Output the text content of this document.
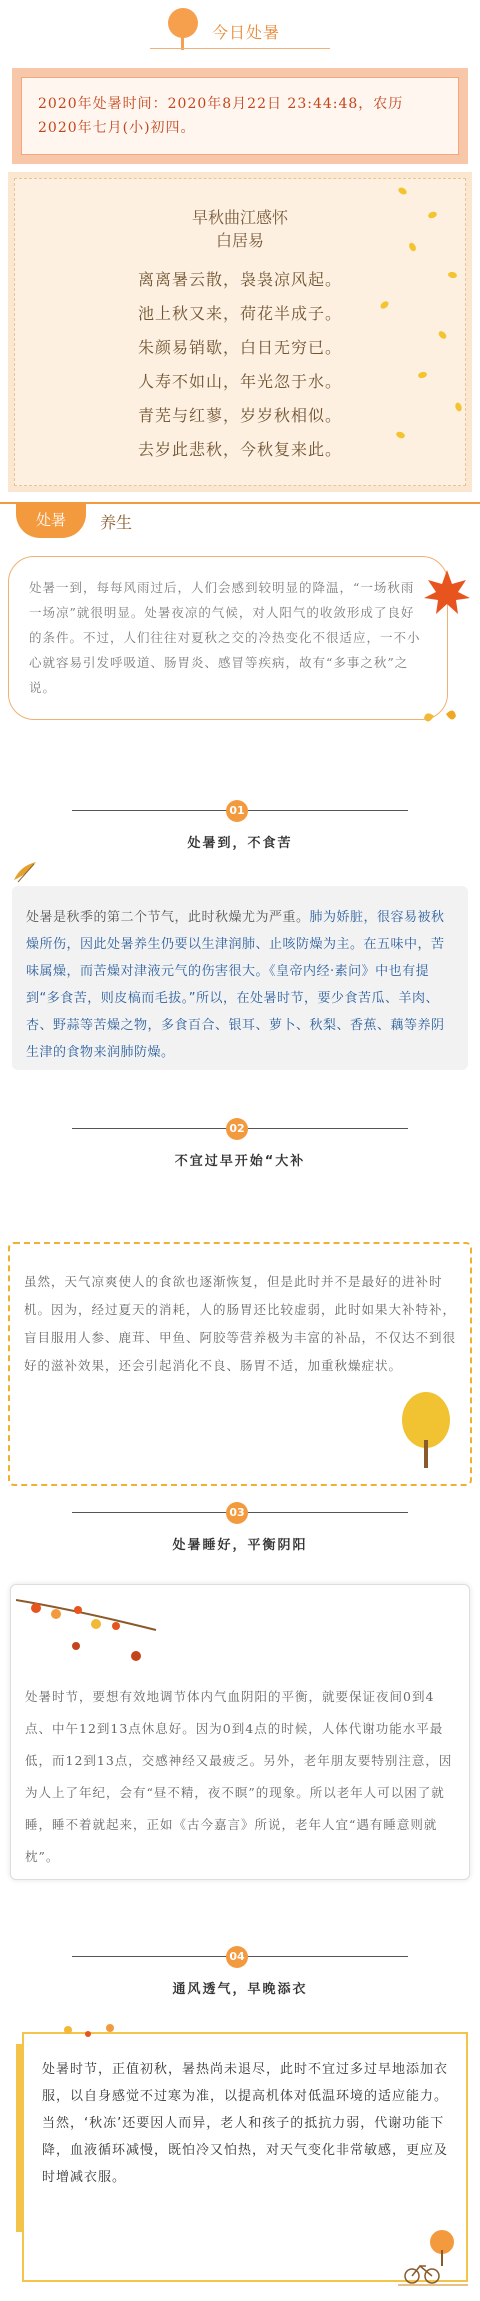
今日处暑
2020年处暑时间：2020年8月22日 23:44:48，农历2020年七月(小)初四。
早秋曲江感怀
白居易
离离暑云散，袅袅凉风起。
池上秋又来，荷花半成子。
朱颜易销歇，白日无穷已。
人寿不如山，年光忽于水。
青芜与红蓼，岁岁秋相似。
去岁此悲秋，今秋复来此。
处暑	养生
处暑一到，每每风雨过后，人们会感到较明显的降温，“一场秋雨一场凉”就很明显。处暑夜凉的气候，对人阳气的收敛形成了良好的条件。不过，人们往往对夏秋之交的冷热变化不很适应，一不小心就容易引发呼吸道、肠胃炎、感冒等疾病，故有“多事之秋”之说。
01
处暑到，不食苦
处暑是秋季的第二个节气，此时秋燥尤为严重。肺为娇脏，很容易被秋燥所伤，因此处暑养生仍要以生津润肺、止咳防燥为主。在五味中，苦味属燥，而苦燥对津液元气的伤害很大。《皇帝内经·素问》中也有提到“多食苦，则皮槁而毛拔。”所以，在处暑时节，要少食苦瓜、羊肉、杏、野蒜等苦燥之物，多食百合、银耳、萝卜、秋梨、香蕉、藕等养阴生津的食物来润肺防燥。
02
不宜过早开始“大补
虽然，天气凉爽使人的食欲也逐渐恢复，但是此时并不是最好的进补时机。因为，经过夏天的消耗，人的肠胃还比较虚弱，此时如果大补特补，盲目服用人参、鹿茸、甲鱼、阿胶等营养极为丰富的补品，不仅达不到很好的滋补效果，还会引起消化不良、肠胃不适，加重秋燥症状。
03
处暑睡好，平衡阴阳
处暑时节，要想有效地调节体内气血阴阳的平衡，就要保证夜间0到4点、中午12到13点休息好。因为0到4点的时候，人体代谢功能水平最低，而12到13点，交感神经又最疲乏。另外，老年朋友要特别注意，因为人上了年纪，会有“昼不精，夜不瞑”的现象。所以老年人可以困了就睡，睡不着就起来，正如《古今嘉言》所说，老年人宜“遇有睡意则就枕”。
04
通风透气，早晚添衣
处暑时节，正值初秋，暑热尚未退尽，此时不宜过多过早地添加衣服，以自身感觉不过寒为准，以提高机体对低温环境的适应能力。当然，‘秋冻’还要因人而异，老人和孩子的抵抗力弱，代谢功能下降，血液循环减慢，既怕冷又怕热，对天气变化非常敏感，更应及时增减衣服。
